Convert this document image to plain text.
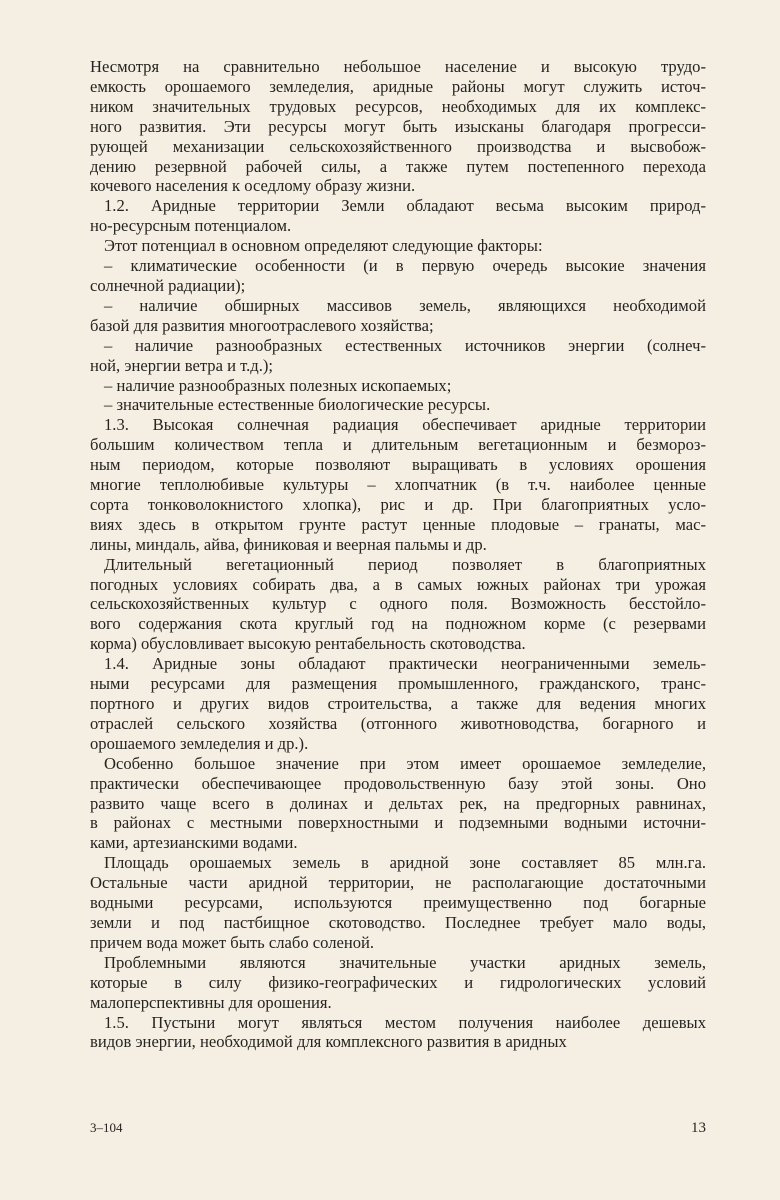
Несмотря на сравнительно небольшое население и высокую трудо-
емкость орошаемого земледелия, аридные районы могут служить источ-
ником значительных трудовых ресурсов, необходимых для их комплекс-
ного развития. Эти ресурсы могут быть изысканы благодаря прогресси-
рующей механизации сельскохозяйственного производства и высвобож-
дению резервной рабочей силы, а также путем постепенного перехода
кочевого населения к оседлому образу жизни.
1.2. Аридные территории Земли обладают весьма высоким природ-
но-ресурсным потенциалом.
Этот потенциал в основном определяют следующие факторы:
– климатические особенности (и в первую очередь высокие значения
солнечной радиации);
– наличие обширных массивов земель, являющихся необходимой
базой для развития многоотраслевого хозяйства;
– наличие разнообразных естественных источников энергии (солнеч-
ной, энергии ветра и т.д.);
– наличие разнообразных полезных ископаемых;
– значительные естественные биологические ресурсы.
1.3. Высокая солнечная радиация обеспечивает аридные территории
большим количеством тепла и длительным вегетационным и безмороз-
ным периодом, которые позволяют выращивать в условиях орошения
многие теплолюбивые культуры – хлопчатник (в т.ч. наиболее ценные
сорта тонковолокнистого хлопка), рис и др. При благоприятных усло-
виях здесь в открытом грунте растут ценные плодовые – гранаты, мас-
лины, миндаль, айва, финиковая и веерная пальмы и др.
Длительный вегетационный период позволяет в благоприятных
погодных условиях собирать два, а в самых южных районах три урожая
сельскохозяйственных культур с одного поля. Возможность бесстойло-
вого содержания скота круглый год на подножном корме (с резервами
корма) обусловливает высокую рентабельность скотоводства.
1.4. Аридные зоны обладают практически неограниченными земель-
ными ресурсами для размещения промышленного, гражданского, транс-
портного и других видов строительства, а также для ведения многих
отраслей сельского хозяйства (отгонного животноводства, богарного и
орошаемого земледелия и др.).
Особенно большое значение при этом имеет орошаемое земледелие,
практически обеспечивающее продовольственную базу этой зоны. Оно
развито чаще всего в долинах и дельтах рек, на предгорных равнинах,
в районах с местными поверхностными и подземными водными источни-
ками, артезианскими водами.
Площадь орошаемых земель в аридной зоне составляет 85 млн.га.
Остальные части аридной территории, не располагающие достаточными
водными ресурсами, используются преимущественно под богарные
земли и под пастбищное скотоводство. Последнее требует мало воды,
причем вода может быть слабо соленой.
Проблемными являются значительные участки аридных земель,
которые в силу физико-географических и гидрологических условий
малоперспективны для орошения.
1.5. Пустыни могут являться местом получения наиболее дешевых
видов энергии, необходимой для комплексного развития в аридных
3–104	13
